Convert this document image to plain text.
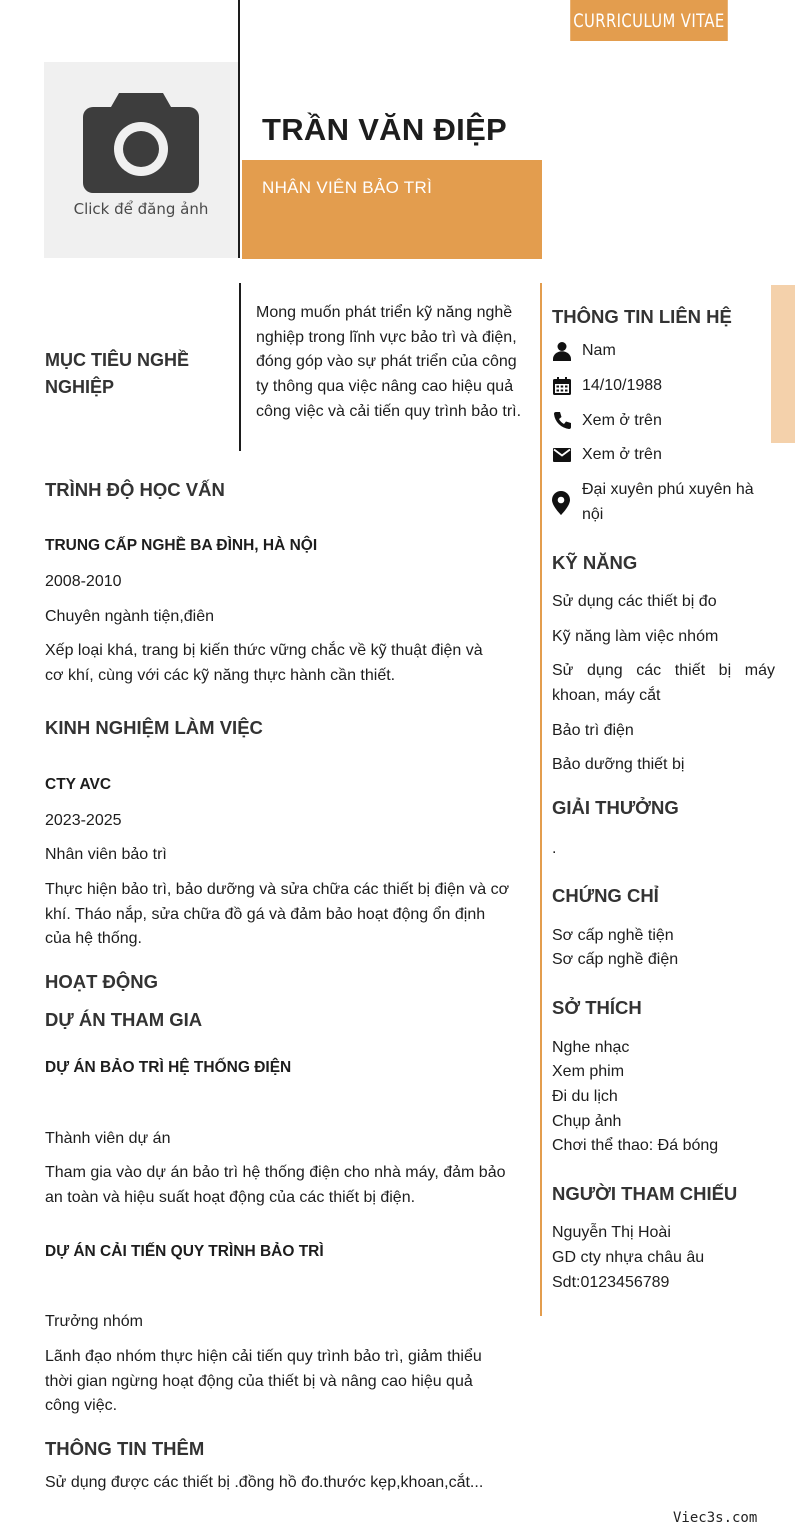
CURRICULUM VITAE
Click để đăng ảnh
TRẦN VĂN ĐIỆP
NHÂN VIÊN BẢO TRÌ
MỤC TIÊU NGHỀ NGHIỆP
Mong muốn phát triển kỹ năng nghề nghiệp trong lĩnh vực bảo trì và điện, đóng góp vào sự phát triển của công ty thông qua việc nâng cao hiệu quả công việc và cải tiến quy trình bảo trì.
TRÌNH ĐỘ HỌC VẤN
TRUNG CẤP NGHỀ BA ĐÌNH, HÀ NỘI
2008-2010
Chuyên ngành tiện,điên
Xếp loại khá, trang bị kiến thức vững chắc về kỹ thuật điện và cơ khí, cùng với các kỹ năng thực hành cần thiết.
KINH NGHIỆM LÀM VIỆC
CTY AVC
2023-2025
Nhân viên bảo trì
Thực hiện bảo trì, bảo dưỡng và sửa chữa các thiết bị điện và cơ khí. Tháo nắp, sửa chữa đồ gá và đảm bảo hoạt động ổn định của hệ thống.
HOẠT ĐỘNG
DỰ ÁN THAM GIA
DỰ ÁN BẢO TRÌ HỆ THỐNG ĐIỆN
Thành viên dự án
Tham gia vào dự án bảo trì hệ thống điện cho nhà máy, đảm bảo an toàn và hiệu suất hoạt động của các thiết bị điện.
DỰ ÁN CẢI TIẾN QUY TRÌNH BẢO TRÌ
Trưởng nhóm
Lãnh đạo nhóm thực hiện cải tiến quy trình bảo trì, giảm thiểu thời gian ngừng hoạt động của thiết bị và nâng cao hiệu quả công việc.
THÔNG TIN THÊM
Sử dụng được các thiết bị .đồng hồ đo.thước kẹp,khoan,cắt...
THÔNG TIN LIÊN HỆ
Nam
14/10/1988
Xem ở trên
Xem ở trên
Đại xuyên phú xuyên hà nội
KỸ NĂNG
Sử dụng các thiết bị đo
Kỹ năng làm việc nhóm
Sử dụng các thiết bị máy khoan, máy cắt
Bảo trì điện
Bảo dưỡng thiết bị
GIẢI THƯỞNG
.
CHỨNG CHỈ
Sơ cấp nghề tiện
Sơ cấp nghề điện
SỞ THÍCH
Nghe nhạc
Xem phim
Đi du lịch
Chụp ảnh
Chơi thể thao: Đá bóng
NGƯỜI THAM CHIẾU
Nguyễn Thị Hoài
GD cty nhựa châu âu
Sdt:0123456789
Viec3s.com
